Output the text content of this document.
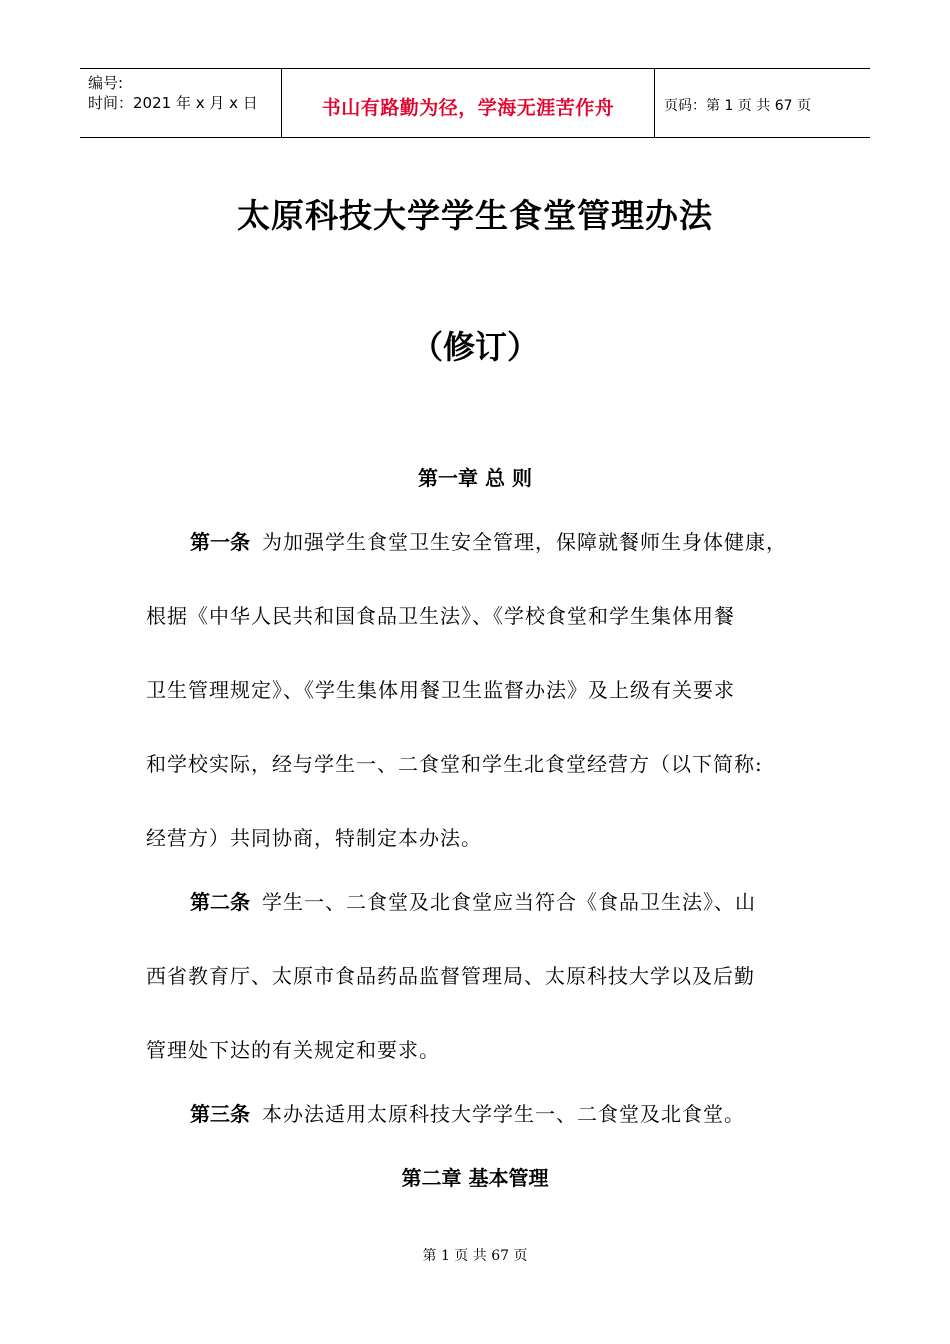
编号:
时间：2021 年 x 月 x 日	书山有路勤为径，学海无涯苦作舟	页码：第 1 页 共 67 页
太原科技大学学生食堂管理办法
（修订）
第一章 总 则
第一条 为加强学生食堂卫生安全管理，保障就餐师生身体健康，
根据《中华人民共和国食品卫生法》、《学校食堂和学生集体用餐
卫生管理规定》、《学生集体用餐卫生监督办法》及上级有关要求
和学校实际，经与学生一、二食堂和学生北食堂经营方（以下简称:
经营方）共同协商，特制定本办法。
第二条 学生一、二食堂及北食堂应当符合《食品卫生法》、山
西省教育厅、太原市食品药品监督管理局、太原科技大学以及后勤
管理处下达的有关规定和要求。
第三条 本办法适用太原科技大学学生一、二食堂及北食堂。
第二章 基本管理
第 1 页 共 67 页
